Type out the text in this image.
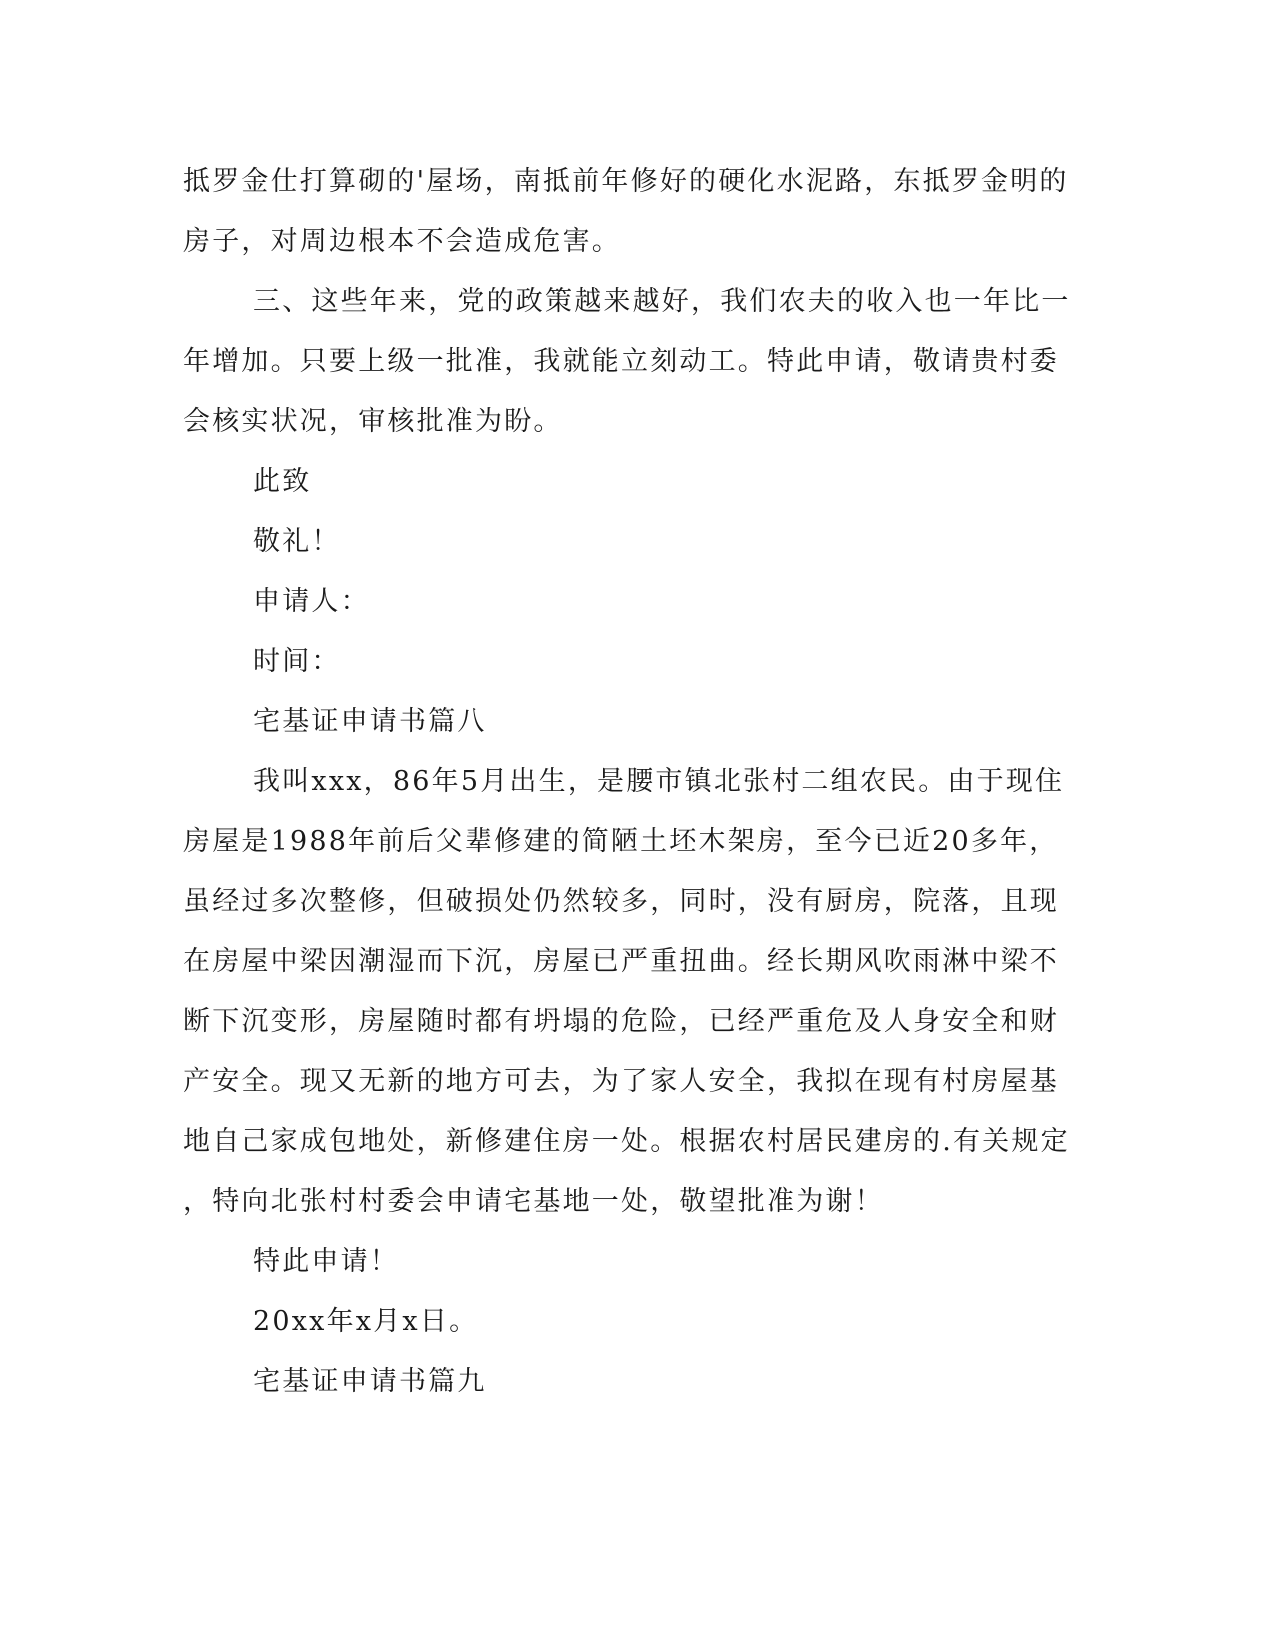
抵罗金仕打算砌的'屋场，南抵前年修好的硬化水泥路，东抵罗金明的
房子，对周边根本不会造成危害。
三、这些年来，党的政策越来越好，我们农夫的收入也一年比一
年增加。只要上级一批准，我就能立刻动工。特此申请，敬请贵村委
会核实状况，审核批准为盼。
此致
敬礼！
申请人：
时间：
宅基证申请书篇八
我叫xxx，86年5月出生，是腰市镇北张村二组农民。由于现住
房屋是1988年前后父辈修建的简陋土坯木架房，至今已近20多年，
虽经过多次整修，但破损处仍然较多，同时，没有厨房，院落，且现
在房屋中梁因潮湿而下沉，房屋已严重扭曲。经长期风吹雨淋中梁不
断下沉变形，房屋随时都有坍塌的危险，已经严重危及人身安全和财
产安全。现又无新的地方可去，为了家人安全，我拟在现有村房屋基
地自己家成包地处，新修建住房一处。根据农村居民建房的.有关规定
，特向北张村村委会申请宅基地一处，敬望批准为谢！
特此申请！
20xx年x月x日。
宅基证申请书篇九
